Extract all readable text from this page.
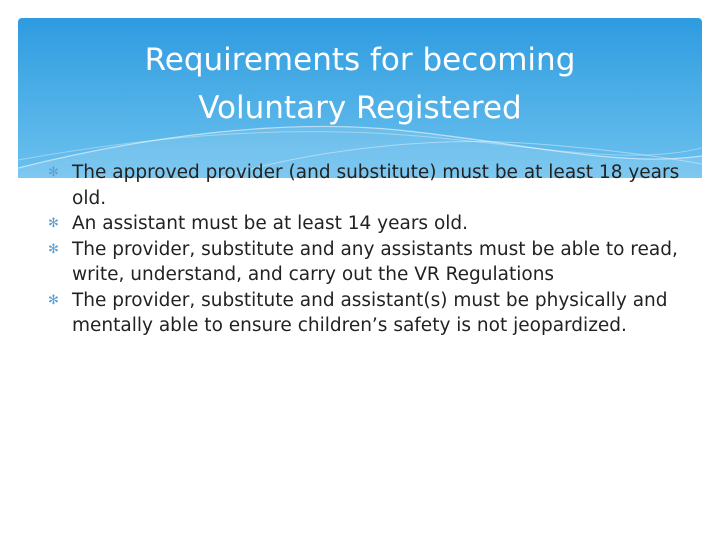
Requirements for becoming
Voluntary Registered
✻ The approved provider (and substitute) must be at least 18 years old.
✻ An assistant must be at least 14 years old.
✻ The provider, substitute and any assistants must be able to read, write, understand, and carry out the VR Regulations
✻ The provider, substitute and assistant(s) must be physically and mentally able to ensure children’s safety is not jeopardized.
